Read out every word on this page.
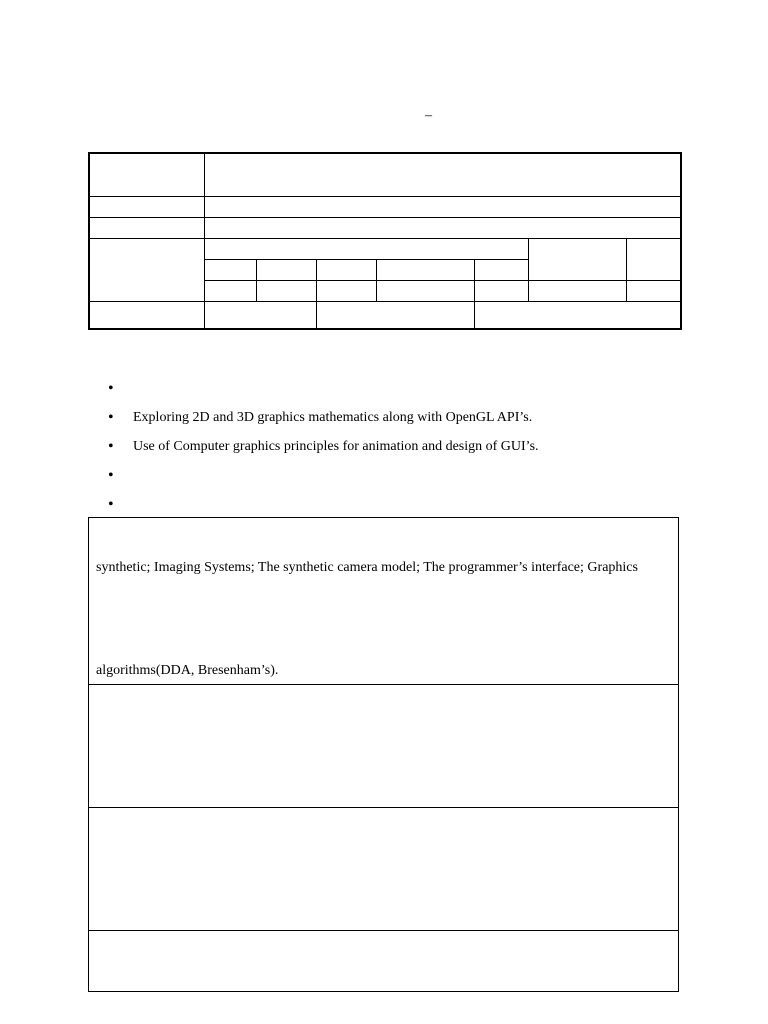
–

•
• Exploring 2D and 3D graphics mathematics along with OpenGL API’s.
• Use of Computer graphics principles for animation and design of GUI’s.
•
•
synthetic; Imaging Systems; The synthetic camera model; The programmer’s interface; Graphics
algorithms(DDA, Bresenham’s).
